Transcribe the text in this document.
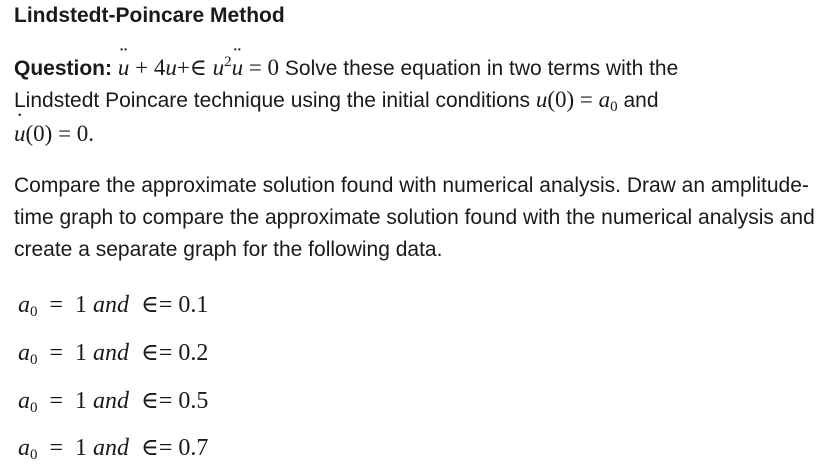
Lindstedt-Poincare Method
Question: u ¨ + 4u+∈ $u^2u$ ¨ = 0 Solve these equation in two terms with the
Lindstedt Poincare technique using the initial conditions $u(0) = a_0$ and
u ˙(0) = 0.
Compare the approximate solution found with numerical analysis. Draw an amplitude-time graph to compare the approximate solution found with the numerical analysis and create a separate graph for the following data.
$a_0 = 1$ and ∈= 0.1
$a_0 = 1$ and ∈= 0.2
$a_0 = 1$ and ∈= 0.5
$a_0 = 1$ and ∈= 0.7
